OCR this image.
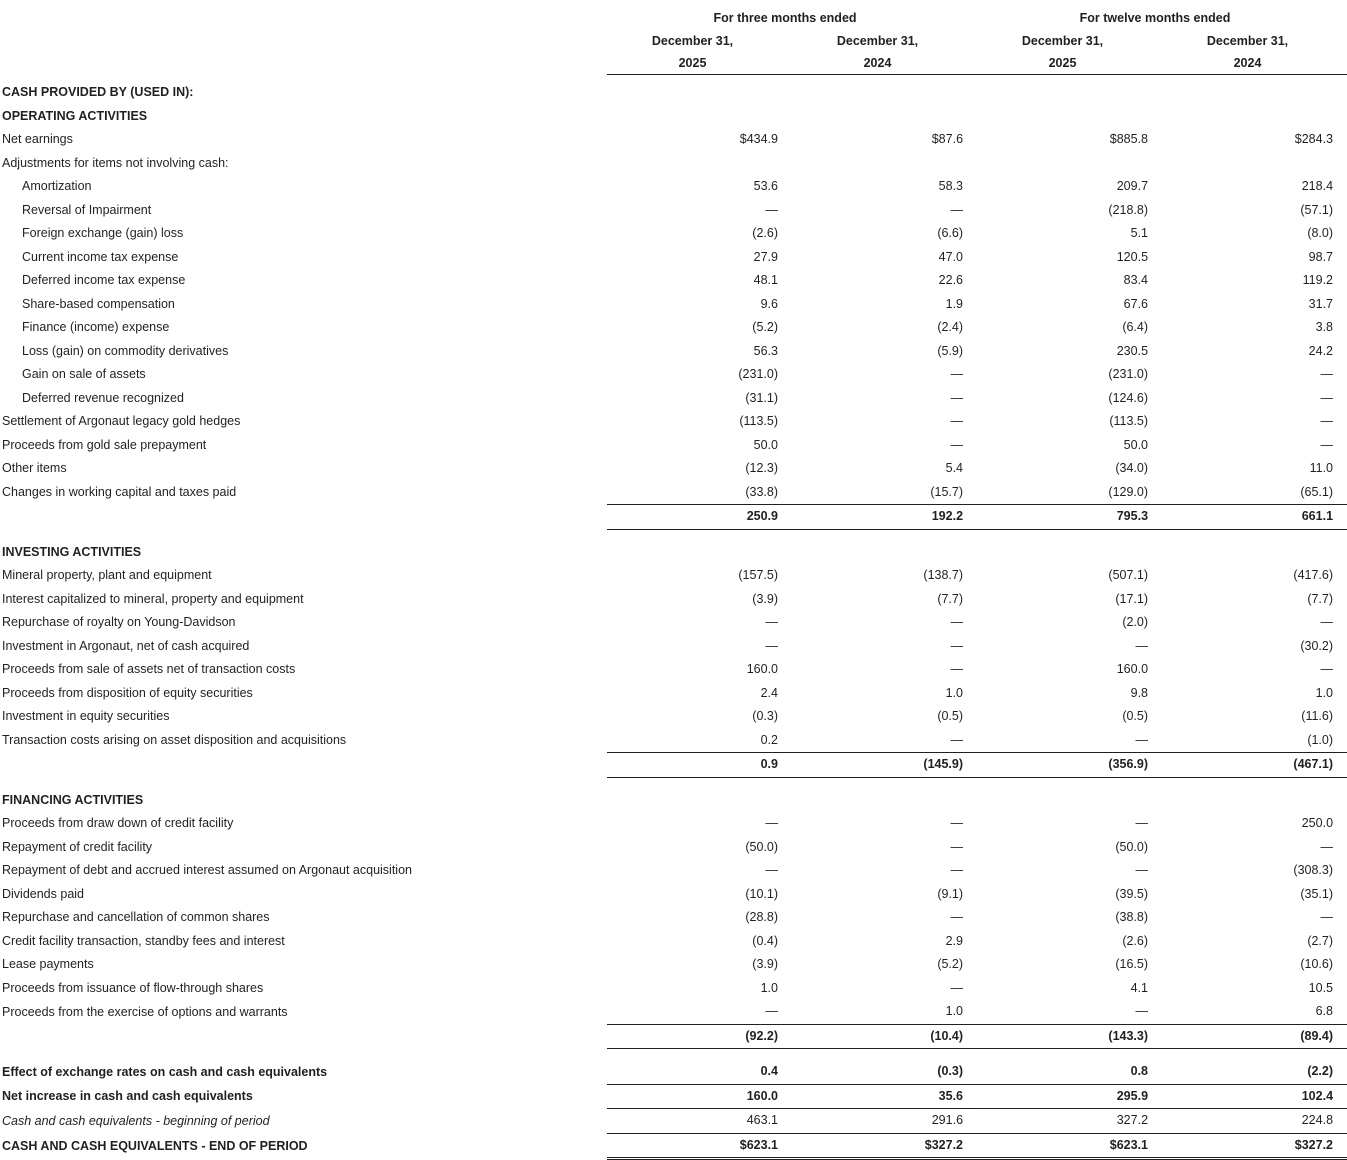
	For three months ended		For twelve months ended	
	December 31,	December 31,	December 31,	December 31,
	2025	2024	2025	2024

CASH PROVIDED BY (USED IN):				
OPERATING ACTIVITIES				
Net earnings	$434.9	$87.6	$885.8	$284.3
Adjustments for items not involving cash:				
Amortization	53.6	58.3	209.7	218.4
Reversal of Impairment	—	—	(218.8)	(57.1)
Foreign exchange (gain) loss	(2.6)	(6.6)	5.1	(8.0)
Current income tax expense	27.9	47.0	120.5	98.7
Deferred income tax expense	48.1	22.6	83.4	119.2
Share-based compensation	9.6	1.9	67.6	31.7
Finance (income) expense	(5.2)	(2.4)	(6.4)	3.8
Loss (gain) on commodity derivatives	56.3	(5.9)	230.5	24.2
Gain on sale of assets	(231.0)	—	(231.0)	—
Deferred revenue recognized	(31.1)	—	(124.6)	—
Settlement of Argonaut legacy gold hedges	(113.5)	—	(113.5)	—
Proceeds from gold sale prepayment	50.0	—	50.0	—
Other items	(12.3)	5.4	(34.0)	11.0
Changes in working capital and taxes paid	(33.8)	(15.7)	(129.0)	(65.1)
	250.9	192.2	795.3	661.1

INVESTING ACTIVITIES				
Mineral property, plant and equipment	(157.5)	(138.7)	(507.1)	(417.6)
Interest capitalized to mineral, property and equipment	(3.9)	(7.7)	(17.1)	(7.7)
Repurchase of royalty on Young-Davidson	—	—	(2.0)	—
Investment in Argonaut, net of cash acquired	—	—	—	(30.2)
Proceeds from sale of assets net of transaction costs	160.0	—	160.0	—
Proceeds from disposition of equity securities	2.4	1.0	9.8	1.0
Investment in equity securities	(0.3)	(0.5)	(0.5)	(11.6)
Transaction costs arising on asset disposition and acquisitions	0.2	—	—	(1.0)
	0.9	(145.9)	(356.9)	(467.1)

FINANCING ACTIVITIES				
Proceeds from draw down of credit facility	—	—	—	250.0
Repayment of credit facility	(50.0)	—	(50.0)	—
Repayment of debt and accrued interest assumed on Argonaut acquisition	—	—	—	(308.3)
Dividends paid	(10.1)	(9.1)	(39.5)	(35.1)
Repurchase and cancellation of common shares	(28.8)	—	(38.8)	—
Credit facility transaction, standby fees and interest	(0.4)	2.9	(2.6)	(2.7)
Lease payments	(3.9)	(5.2)	(16.5)	(10.6)
Proceeds from issuance of flow-through shares	1.0	—	4.1	10.5
Proceeds from the exercise of options and warrants	—	1.0	—	6.8
	(92.2)	(10.4)	(143.3)	(89.4)

Effect of exchange rates on cash and cash equivalents	0.4	(0.3)	0.8	(2.2)
Net increase in cash and cash equivalents	160.0	35.6	295.9	102.4
Cash and cash equivalents - beginning of period	463.1	291.6	327.2	224.8
CASH AND CASH EQUIVALENTS - END OF PERIOD	$623.1	$327.2	$623.1	$327.2
